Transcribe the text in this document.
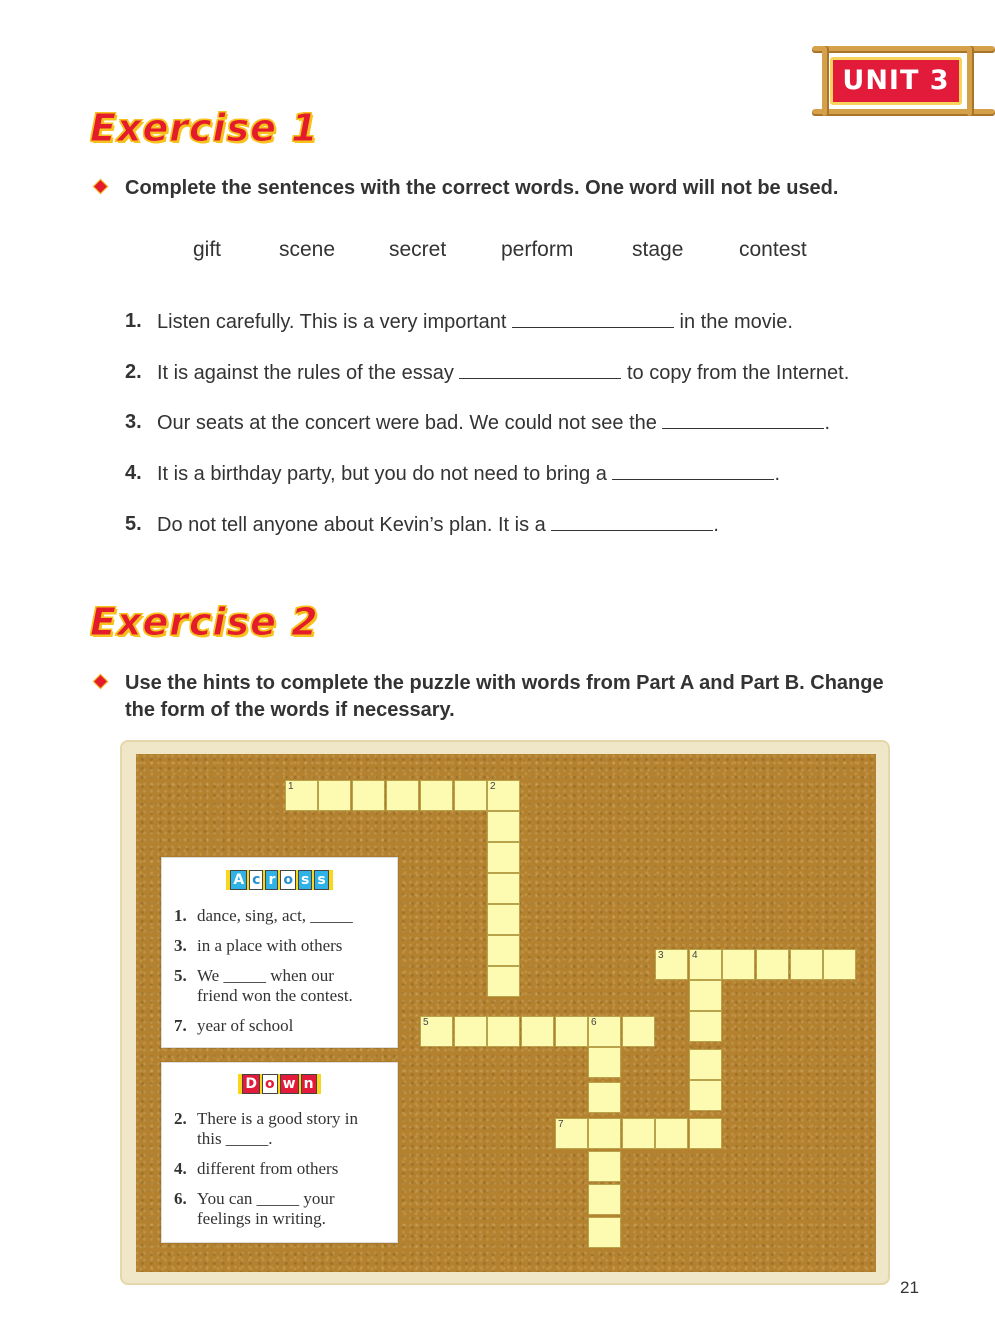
UNIT 3
Exercise 1
Complete the sentences with the correct words. One word will not be used.
gift	scene	secret	perform	stage	contest
1. Listen carefully. This is a very important	in the movie.
2. It is against the rules of the essay	to copy from the Internet.
3. Our seats at the concert were bad. We could not see the	.
4. It is a birthday party, but you do not need to bring a	.
5. Do not tell anyone about Kevin’s plan. It is a	.
Exercise 2
Use the hints to complete the puzzle with words from Part A and Part B. Change
the form of the words if necessary.
1	2
3	4
5	6
7
A c r o s s
1. dance, sing, act, _____
3. in a place with others
5. We _____ when our
friend won the contest.
7. year of school
D o w n
2. There is a good story in
this _____.
4. different from others
6. You can _____ your
feelings in writing.
21
